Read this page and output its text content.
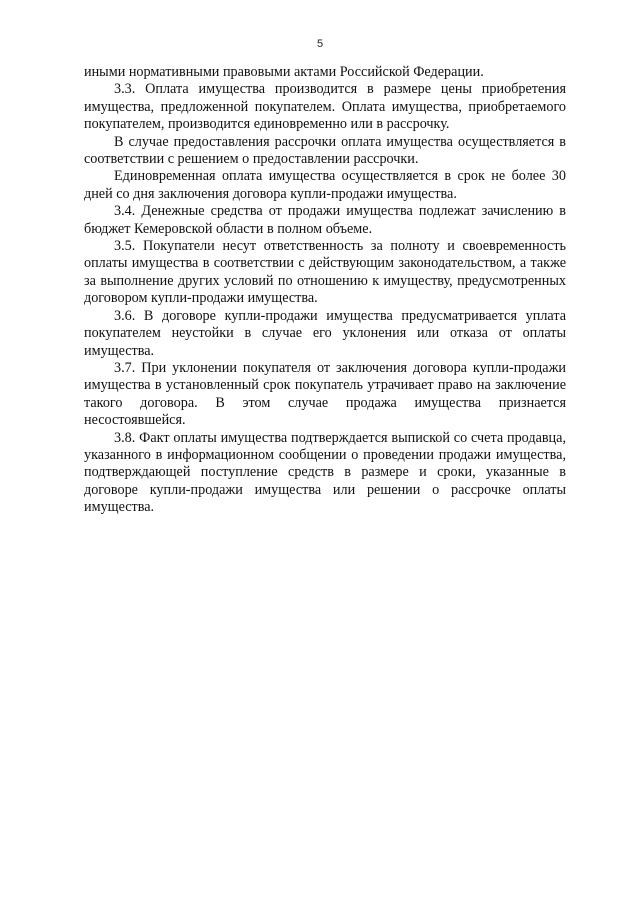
5

иными нормативными правовыми актами Российской Федерации.

3.3. Оплата имущества производится в размере цены приобретения имущества, предложенной покупателем. Оплата имущества, приобретаемого покупателем, производится единовременно или в рассрочку.

В случае предоставления рассрочки оплата имущества осуществляется в соответствии с решением о предоставлении рассрочки.

Единовременная оплата имущества осуществляется в срок не более 30 дней со дня заключения договора купли-продажи имущества.

3.4. Денежные средства от продажи имущества подлежат зачислению в бюджет Кемеровской области в полном объеме.

3.5. Покупатели несут ответственность за полноту и своевременность оплаты имущества в соответствии с действующим законодательством, а также за выполнение других условий по отношению к имуществу, предусмотренных договором купли-продажи имущества.

3.6. В договоре купли-продажи имущества предусматривается уплата покупателем неустойки в случае его уклонения или отказа от оплаты имущества.

3.7. При уклонении покупателя от заключения договора купли-продажи имущества в установленный срок покупатель утрачивает право на заключение такого договора. В этом случае продажа имущества признается несостоявшейся.

3.8. Факт оплаты имущества подтверждается выпиской со счета продавца, указанного в информационном сообщении о проведении продажи имущества, подтверждающей поступление средств в размере и сроки, указанные в договоре купли-продажи имущества или решении о рассрочке оплаты имущества.
